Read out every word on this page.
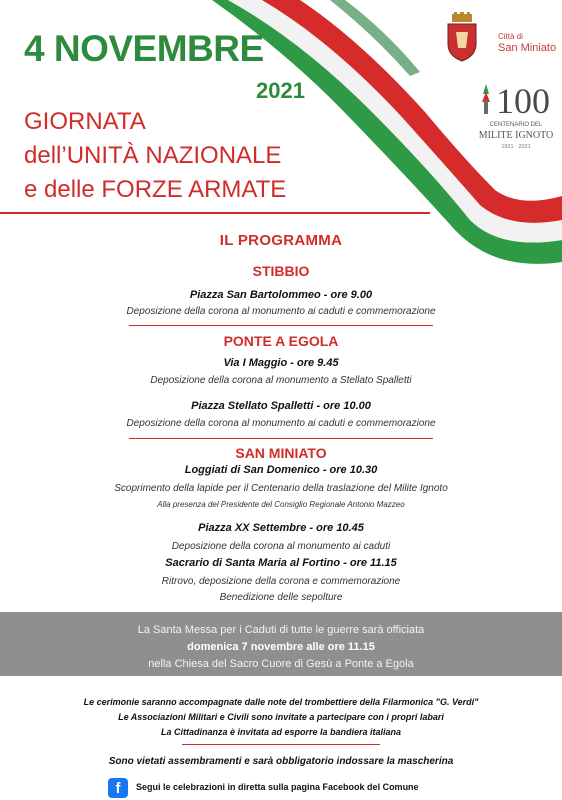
4 NOVEMBRE
2021
GIORNATA
dell’UNITÀ NAZIONALE
e delle FORZE ARMATE
Città di
San Miniato
100
CENTENARIO DEL
MILITE IGNOTO
1921 · 2021
IL PROGRAMMA
STIBBIO
Piazza San Bartolommeo - ore 9.00
Deposizione della corona al monumento ai caduti e commemorazione
PONTE A EGOLA
Via I Maggio - ore 9.45
Deposizione della corona al monumento a Stellato Spalletti
Piazza Stellato Spalletti - ore 10.00
Deposizione della corona al monumento ai caduti e commemorazione
SAN MINIATO
Loggiati di San Domenico - ore 10.30
Scoprimento della lapide per il Centenario della traslazione del Milite Ignoto
Alla presenza del Presidente del Consiglio Regionale Antonio Mazzeo
Piazza XX Settembre - ore 10.45
Deposizione della corona al monumento ai caduti
Sacrario di Santa Maria al Fortino - ore 11.15
Ritrovo, deposizione della corona e commemorazione
Benedizione delle sepolture
La Santa Messa per i Caduti di tutte le guerre sarà officiata
domenica 7 novembre alle ore 11.15
nella Chiesa del Sacro Cuore di Gesù a Ponte a Egola
Le cerimonie saranno accompagnate dalle note del trombettiere della Filarmonica "G. Verdi"
Le Associazioni Militari e Civili sono invitate a partecipare con i propri labari
La Cittadinanza è invitata ad esporre la bandiera italiana
Sono vietati assembramenti e sarà obbligatorio indossare la mascherina
f	Segui le celebrazioni in diretta sulla pagina Facebook del Comune
